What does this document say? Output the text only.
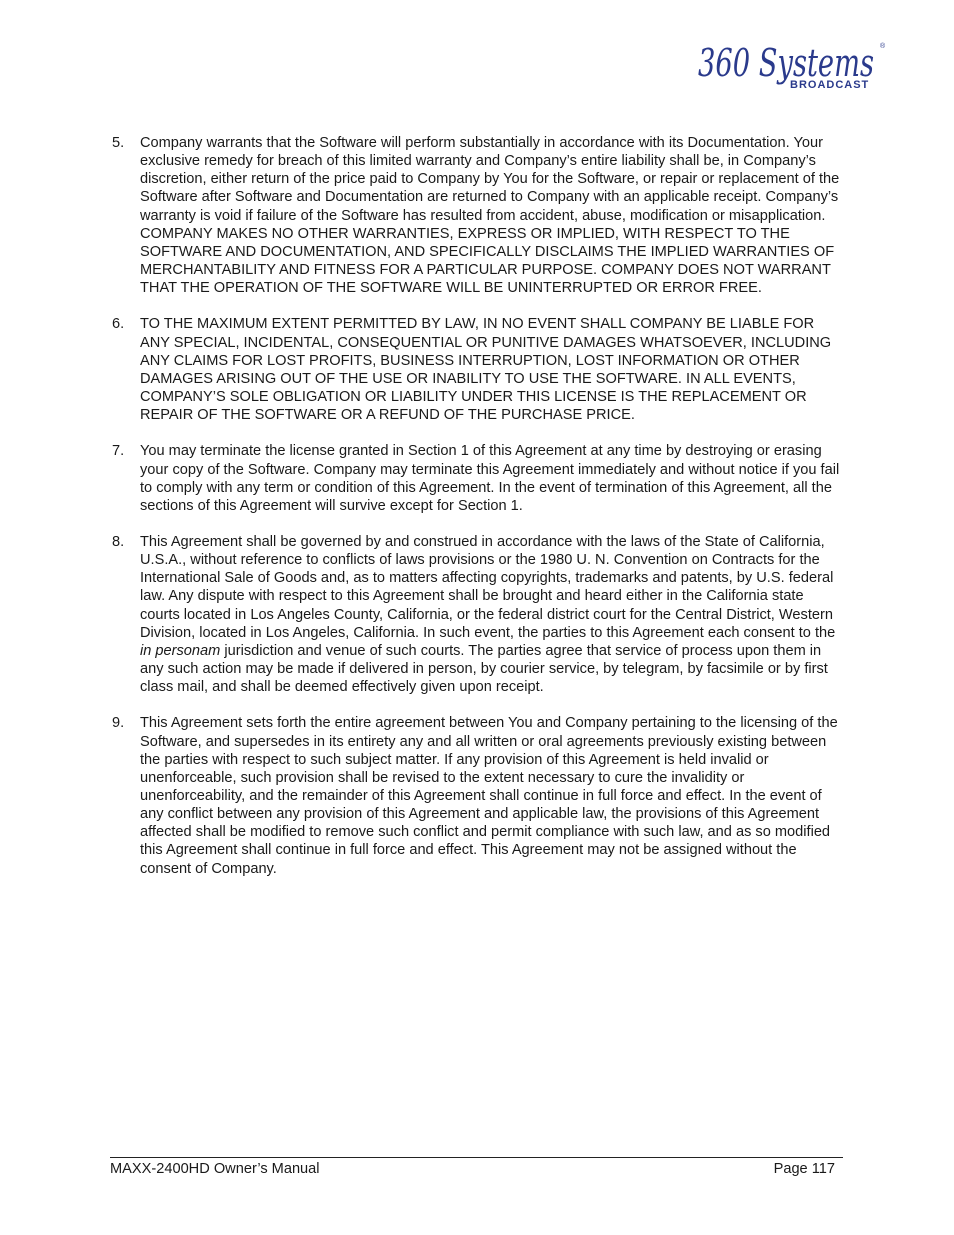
360 Systems ®
BROADCAST
5.	Company warrants that the Software will perform substantially in accordance with its Documentation. Your exclusive remedy for breach of this limited warranty and Company’s entire liability shall be, in Company’s discretion, either return of the price paid to Company by You for the Software, or repair or replacement of the Software after Software and Documentation are returned to Company with an applicable receipt. Company’s warranty is void if failure of the Software has resulted from accident, abuse, modification or misapplication. COMPANY MAKES NO OTHER WARRANTIES, EXPRESS OR IMPLIED, WITH RESPECT TO THE SOFTWARE AND DOCUMENTATION, AND SPECIFICALLY DISCLAIMS THE IMPLIED WARRANTIES OF MERCHANTABILITY AND FITNESS FOR A PARTICULAR PURPOSE. COMPANY DOES NOT WARRANT THAT THE OPERATION OF THE SOFTWARE WILL BE UNINTERRUPTED OR ERROR FREE.
6.	TO THE MAXIMUM EXTENT PERMITTED BY LAW, IN NO EVENT SHALL COMPANY BE LIABLE FOR ANY SPECIAL, INCIDENTAL, CONSEQUENTIAL OR PUNITIVE DAMAGES WHATSOEVER, INCLUDING ANY CLAIMS FOR LOST PROFITS, BUSINESS INTERRUPTION, LOST INFORMATION OR OTHER DAMAGES ARISING OUT OF THE USE OR INABILITY TO USE THE SOFTWARE. IN ALL EVENTS, COMPANY’S SOLE OBLIGATION OR LIABILITY UNDER THIS LICENSE IS THE REPLACEMENT OR REPAIR OF THE SOFTWARE OR A REFUND OF THE PURCHASE PRICE.
7.	You may terminate the license granted in Section 1 of this Agreement at any time by destroying or erasing your copy of the Software. Company may terminate this Agreement immediately and without notice if you fail to comply with any term or condition of this Agreement. In the event of termination of this Agreement, all the sections of this Agreement will survive except for Section 1.
8.	This Agreement shall be governed by and construed in accordance with the laws of the State of California, U.S.A., without reference to conflicts of laws provisions or the 1980 U. N. Convention on Contracts for the International Sale of Goods and, as to matters affecting copyrights, trademarks and patents, by U.S. federal law. Any dispute with respect to this Agreement shall be brought and heard either in the California state courts located in Los Angeles County, California, or the federal district court for the Central District, Western Division, located in Los Angeles, California. In such event, the parties to this Agreement each consent to the in personam jurisdiction and venue of such courts. The parties agree that service of process upon them in any such action may be made if delivered in person, by courier service, by telegram, by facsimile or by first class mail, and shall be deemed effectively given upon receipt.
9.	This Agreement sets forth the entire agreement between You and Company pertaining to the licensing of the Software, and supersedes in its entirety any and all written or oral agreements previously existing between the parties with respect to such subject matter. If any provision of this Agreement is held invalid or unenforceable, such provision shall be revised to the extent necessary to cure the invalidity or unenforceability, and the remainder of this Agreement shall continue in full force and effect. In the event of any conflict between any provision of this Agreement and applicable law, the provisions of this Agreement affected shall be modified to remove such conflict and permit compliance with such law, and as so modified this Agreement shall continue in full force and effect. This Agreement may not be assigned without the consent of Company.
MAXX-2400HD Owner’s Manual	Page 117
